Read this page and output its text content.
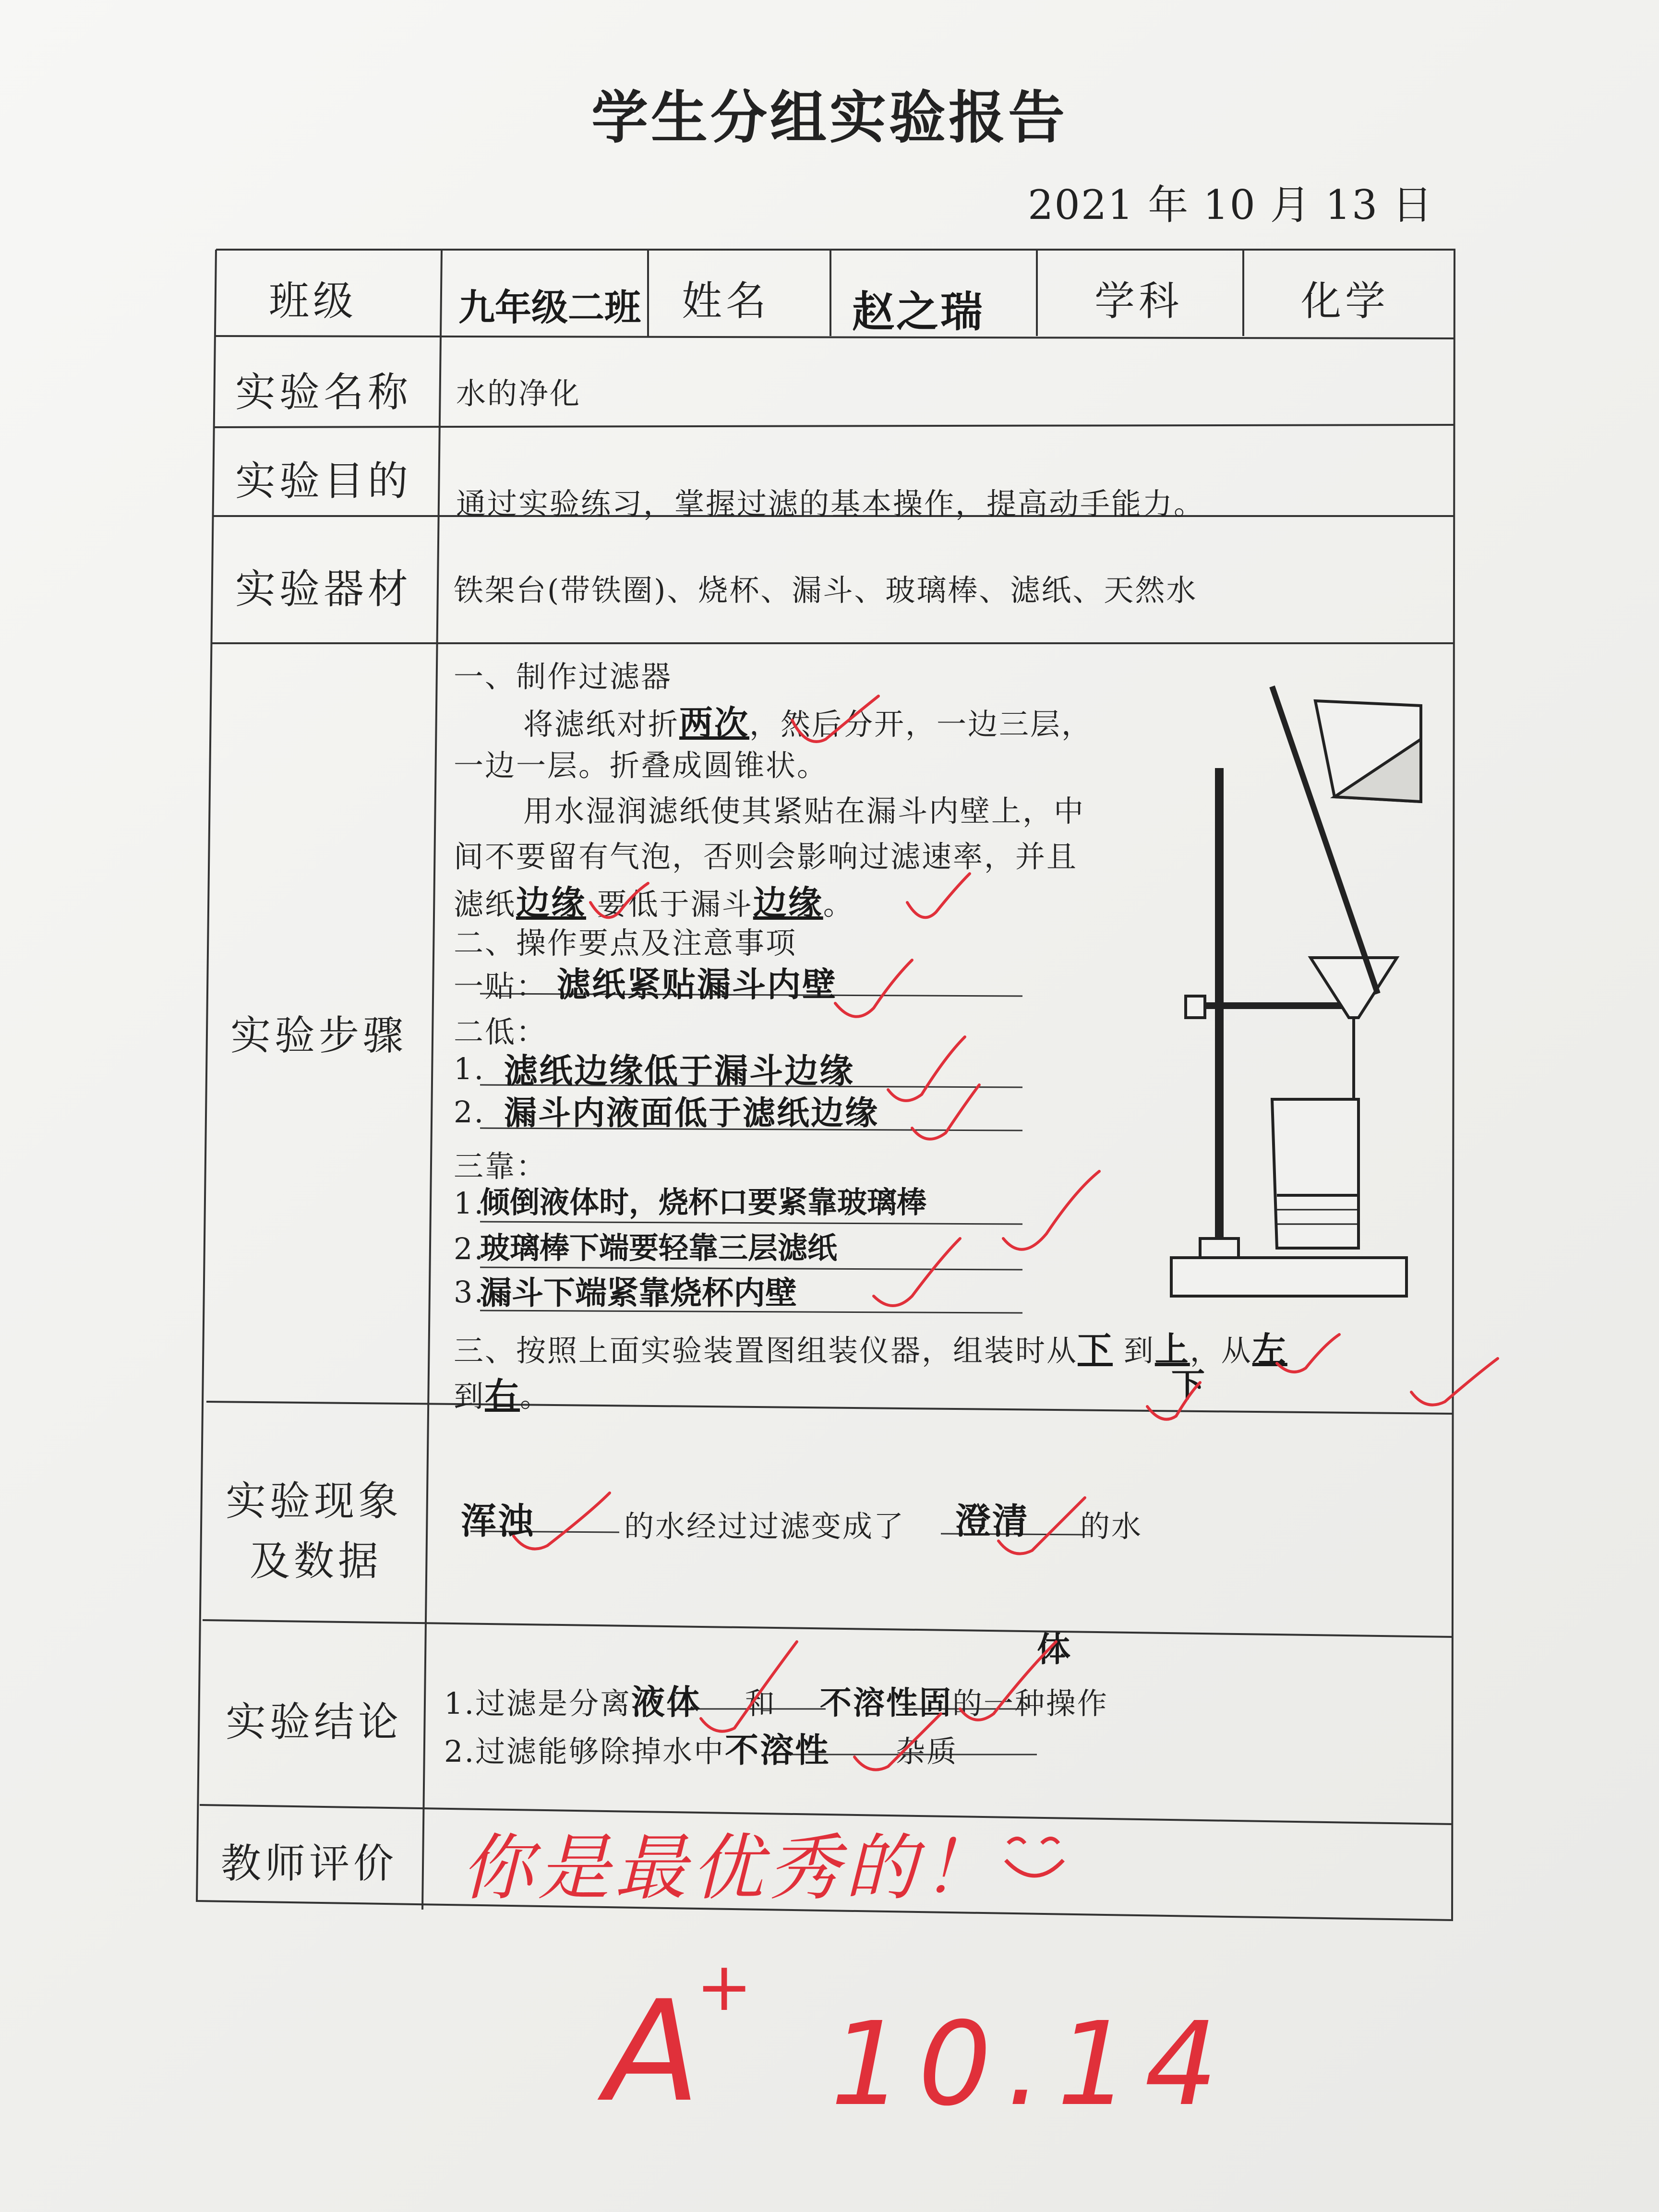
学生分组实验报告
2021 年 10 月 13 日
班级	九年级二班 姓名 赵之瑞	学科	化学
实验名称 水的净化
实验目的 通过实验练习，掌握过滤的基本操作，提高动手能力。
实验器材 铁架台(带铁圈)、烧杯、漏斗、玻璃棒、滤纸、天然水
实验步骤
一、制作过滤器
将滤纸对折两次，然后分开，一边三层，
一边一层。折叠成圆锥状。
用水湿润滤纸使其紧贴在漏斗内壁上，中
间不要留有气泡，否则会影响过滤速率，并且
滤纸边缘 要低于漏斗边缘。
二、操作要点及注意事项
一贴： 滤纸紧贴漏斗内壁
二低：
1. 滤纸边缘低于漏斗边缘
2. 漏斗内液面低于滤纸边缘
三靠：
1.
倾倒液体时，烧杯口要紧靠玻璃棒
2.
玻璃棒下端要轻靠三层滤纸
3.
漏斗下端紧靠烧杯内壁
三、按照上面实验装置图组装仪器，组装时从下 到上，从左
下
到右。
实验现象
及数据
浑浊	的水经过过滤变成了 澄清 的水
实验结论 1.过滤是分离液体 和 不溶性固的一种操作
体
2.过滤能够除掉水中不溶性 杂质
教师评价 你是最优秀的！
A
+
10.14
